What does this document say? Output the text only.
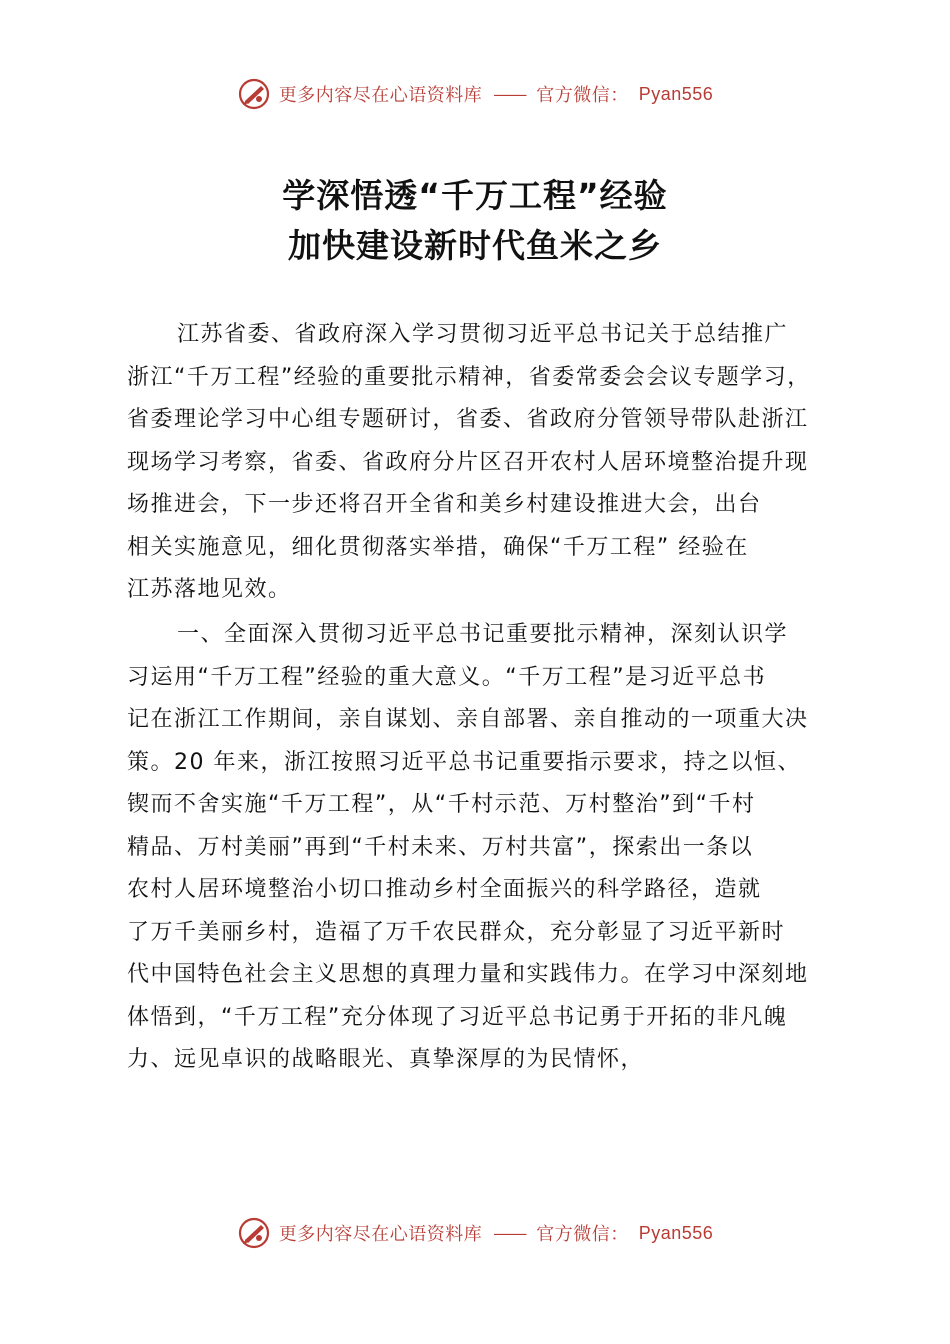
更多内容尽在心语资料库 —— 官方微信： Pyan556
学深悟透“千万工程”经验
加快建设新时代鱼米之乡
江苏省委、省政府深入学习贯彻习近平总书记关于总结推广
浙江“千万工程”经验的重要批示精神，省委常委会会议专题学习，
省委理论学习中心组专题研讨，省委、省政府分管领导带队赴浙江
现场学习考察，省委、省政府分片区召开农村人居环境整治提升现
场推进会，下一步还将召开全省和美乡村建设推进大会，出台
相关实施意见，细化贯彻落实举措，确保“千万工程” 经验在
江苏落地见效。
一、全面深入贯彻习近平总书记重要批示精神，深刻认识学
习运用“千万工程”经验的重大意义。“千万工程”是习近平总书
记在浙江工作期间，亲自谋划、亲自部署、亲自推动的一项重大决
策。20 年来，浙江按照习近平总书记重要指示要求，持之以恒、
锲而不舍实施“千万工程”，从“千村示范、万村整治”到“千村
精品、万村美丽”再到“千村未来、万村共富”，探索出一条以
农村人居环境整治小切口推动乡村全面振兴的科学路径，造就
了万千美丽乡村，造福了万千农民群众，充分彰显了习近平新时
代中国特色社会主义思想的真理力量和实践伟力。在学习中深刻地
体悟到，“千万工程”充分体现了习近平总书记勇于开拓的非凡魄
力、远见卓识的战略眼光、真挚深厚的为民情怀，
更多内容尽在心语资料库 —— 官方微信： Pyan556
